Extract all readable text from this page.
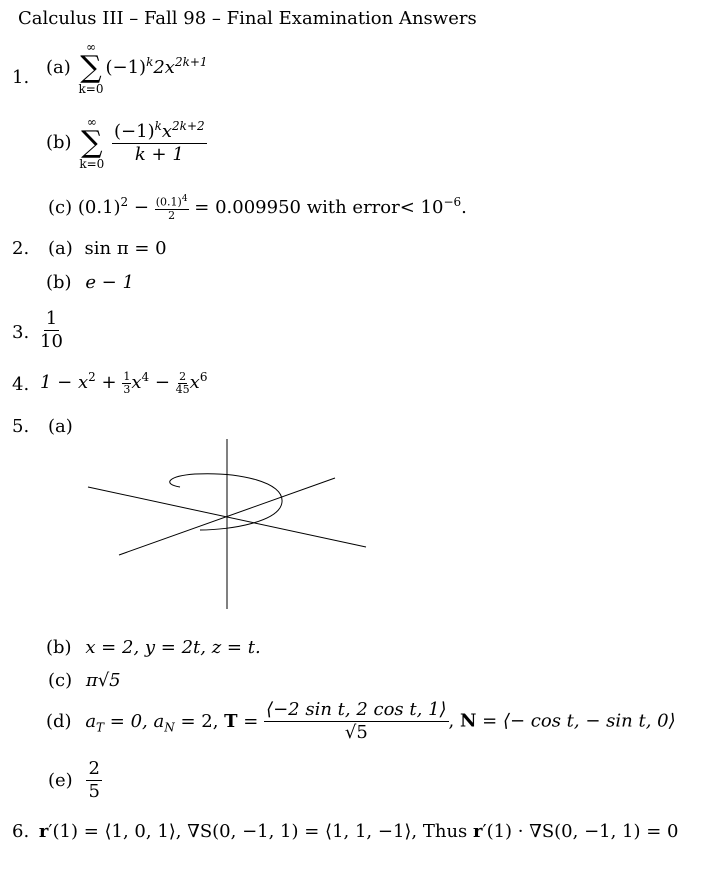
Calculus III – Fall 98 – Final Examination Answers
1. (a)
∞
∑
k=0
$(-1)^k2x^{2k+1}$
(b)
∞
∑
k=0

$\frac{(-1)^kx^{2k+2}}{k + 1}$
(c) $(0.1)^2 - \frac{(0.1)^4}{2} = 0.009950$ with error< $10^{-6}$.
2. (a) sin π = 0
(b) e − 1
3. $\frac{1}{10}$
4. $1 - x^2 + \frac{1}{3} x^4 - \frac{2}{45} x^6$
5. (a)
(b) x = 2, y = 2t, z = t.
(c) π√5
(d) $a_T = 0$, $a_N = 2$, $T = \frac{\text{⟨−2 sin t, 2 cos t, 1⟩}}{√5}$ , N = ⟨− cos t, − sin t, 0⟩
$(e) \frac{2}{5}$
6. r′(1) = ⟨1, 0, 1⟩, ∇S(0, −1, 1) = ⟨1, 1, −1⟩, Thus r′(1) · ∇S(0, −1, 1) = 0
